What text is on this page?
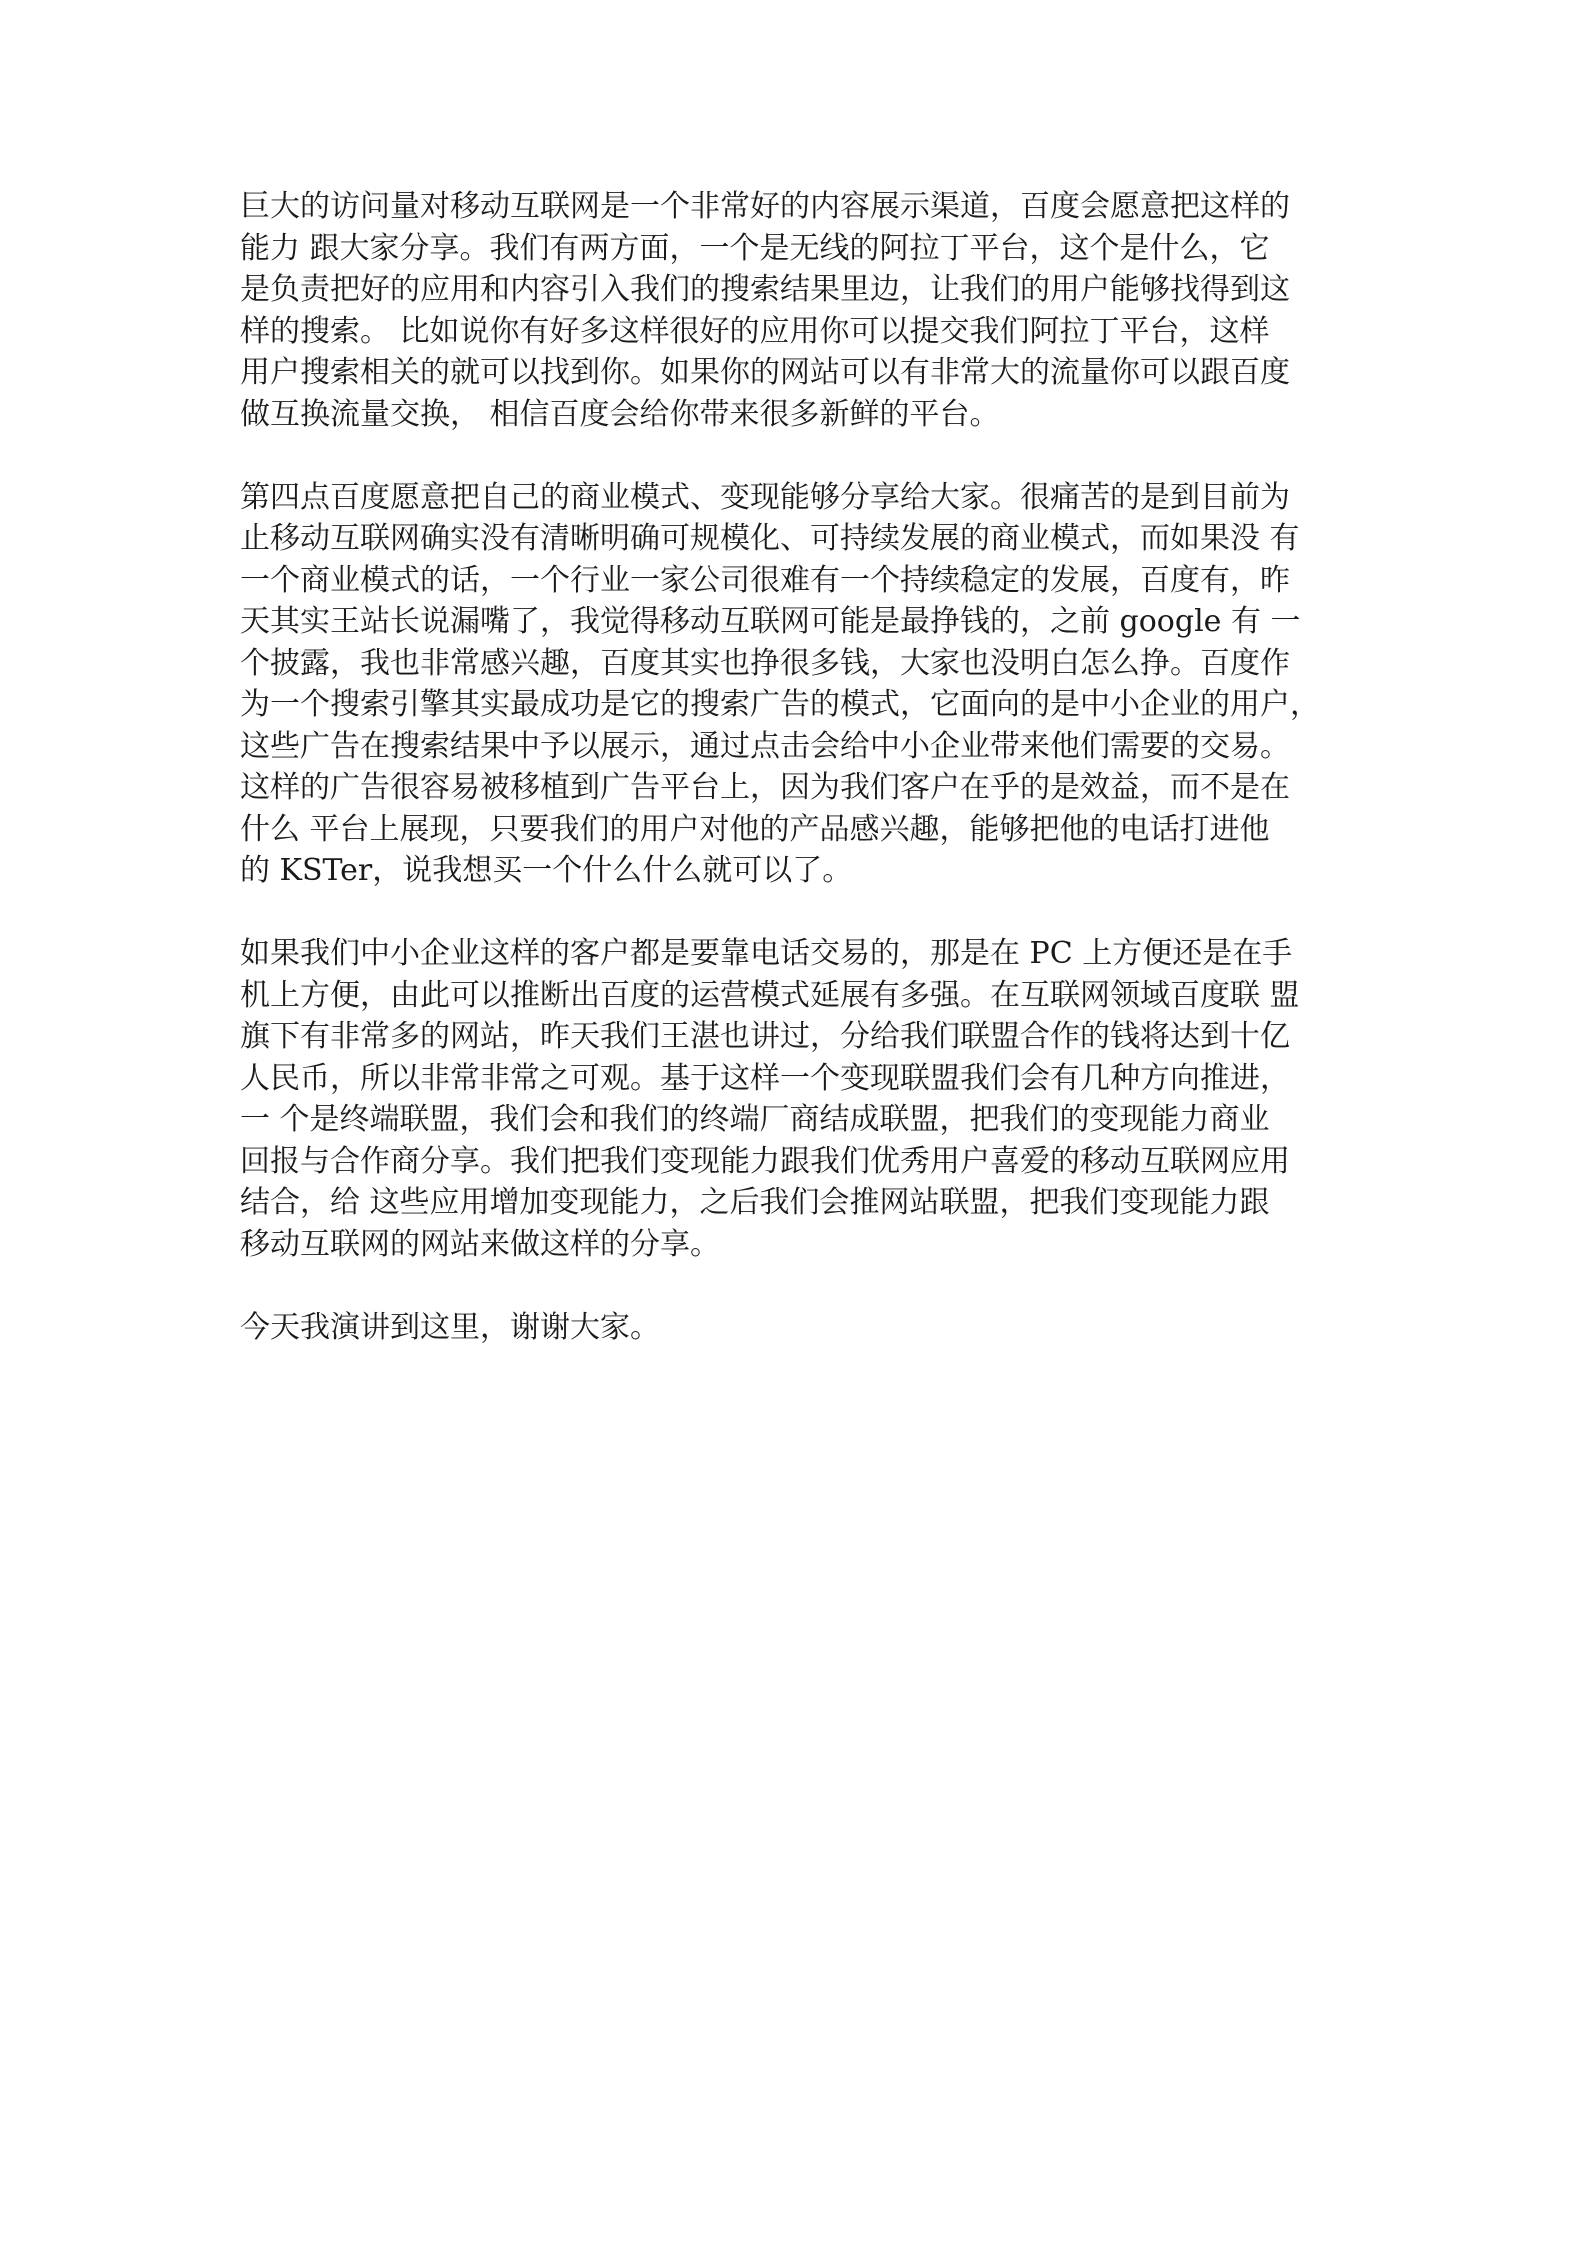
巨大的访问量对移动互联网是一个非常好的内容展示渠道，百度会愿意把这样的
能力 跟大家分享。我们有两方面，一个是无线的阿拉丁平台，这个是什么，它
是负责把好的应用和内容引入我们的搜索结果里边，让我们的用户能够找得到这
样的搜索。 比如说你有好多这样很好的应用你可以提交我们阿拉丁平台，这样
用户搜索相关的就可以找到你。如果你的网站可以有非常大的流量你可以跟百度
做互换流量交换， 相信百度会给你带来很多新鲜的平台。

第四点百度愿意把自己的商业模式、变现能够分享给大家。很痛苦的是到目前为
止移动互联网确实没有清晰明确可规模化、可持续发展的商业模式，而如果没 有
一个商业模式的话，一个行业一家公司很难有一个持续稳定的发展，百度有，昨
天其实王站长说漏嘴了，我觉得移动互联网可能是最挣钱的，之前 google 有 一
个披露，我也非常感兴趣，百度其实也挣很多钱，大家也没明白怎么挣。百度作
为一个搜索引擎其实最成功是它的搜索广告的模式，它面向的是中小企业的用户，
这些广告在搜索结果中予以展示，通过点击会给中小企业带来他们需要的交易。
这样的广告很容易被移植到广告平台上，因为我们客户在乎的是效益，而不是在
什么 平台上展现，只要我们的用户对他的产品感兴趣，能够把他的电话打进他
的 KSTer，说我想买一个什么什么就可以了。

如果我们中小企业这样的客户都是要靠电话交易的，那是在 PC 上方便还是在手
机上方便，由此可以推断出百度的运营模式延展有多强。在互联网领域百度联 盟
旗下有非常多的网站，昨天我们王湛也讲过，分给我们联盟合作的钱将达到十亿
人民币，所以非常非常之可观。基于这样一个变现联盟我们会有几种方向推进，
一 个是终端联盟，我们会和我们的终端厂商结成联盟，把我们的变现能力商业
回报与合作商分享。我们把我们变现能力跟我们优秀用户喜爱的移动互联网应用
结合，给 这些应用增加变现能力，之后我们会推网站联盟，把我们变现能力跟
移动互联网的网站来做这样的分享。

今天我演讲到这里，谢谢大家。
